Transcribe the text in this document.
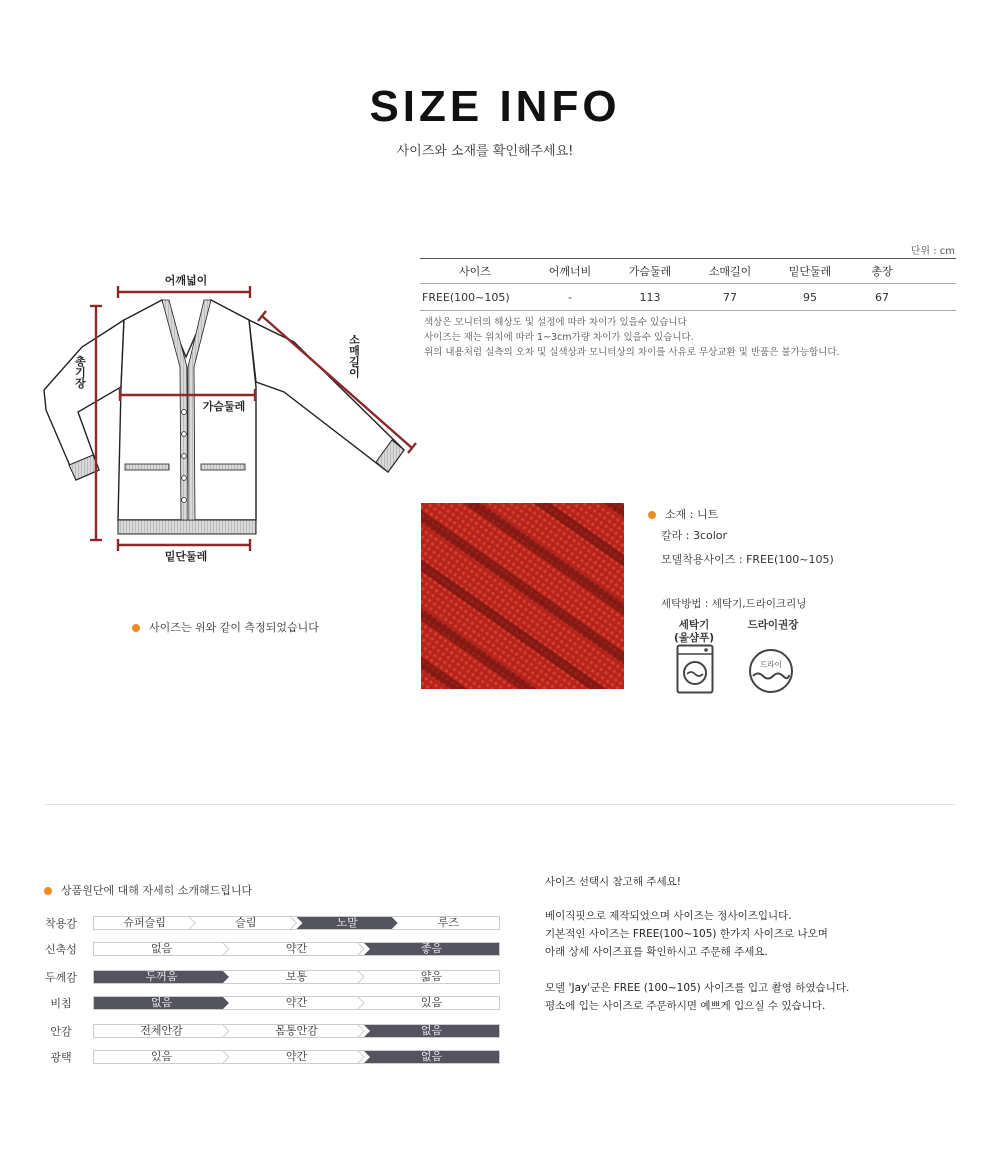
SIZE INFO
사이즈와 소재를 확인해주세요!
어깨넓이
총기장	소매길이
가슴둘레
밑단둘레
사이즈는 위와 같이 측정되었습니다
단위 : cm
사이즈	어깨너비	가슴둘레	소매길이	밑단둘레	총장	
FREE(100~105)	-	113	77	95	67	
색상은 모니터의 해상도 및 설정에 따라 차이가 있을수 있습니다
사이즈는 재는 위치에 따라 1~3cm가량 차이가 있을수 있습니다.
위의 내용처럼 실측의 오차 및 실색상과 모니터상의 차이를 사유로 무상교환 및 반품은 불가능합니다.
소재 : 니트
칼라 : 3color
모델착용사이즈 : FREE(100~105)
세탁방법 : 세탁기,드라이크리닝
세탁기
(울샴푸)
드라이권장
드라이
상품원단에 대해 자세히 소개해드립니다
착용감	슈퍼슬림	슬림	노말	루즈
신축성	없음	약간	좋음
두께감	두꺼움	보통	얇음
비침	없음	약간	있음
안감	전체안감	몸통안감	없음
광택	있음	약간	없음
사이즈 선택시 참고해 주세요!
베이직핏으로 제작되었으며 사이즈는 정사이즈입니다.
기본적인 사이즈는 FREE(100~105) 한가지 사이즈로 나오며
아래 상세 사이즈표를 확인하시고 주문해 주세요.
모델 'Jay'군은 FREE (100~105) 사이즈를 입고 촬영 하였습니다.
평소에 입는 사이즈로 주문하시면 예쁘게 입으실 수 있습니다.
